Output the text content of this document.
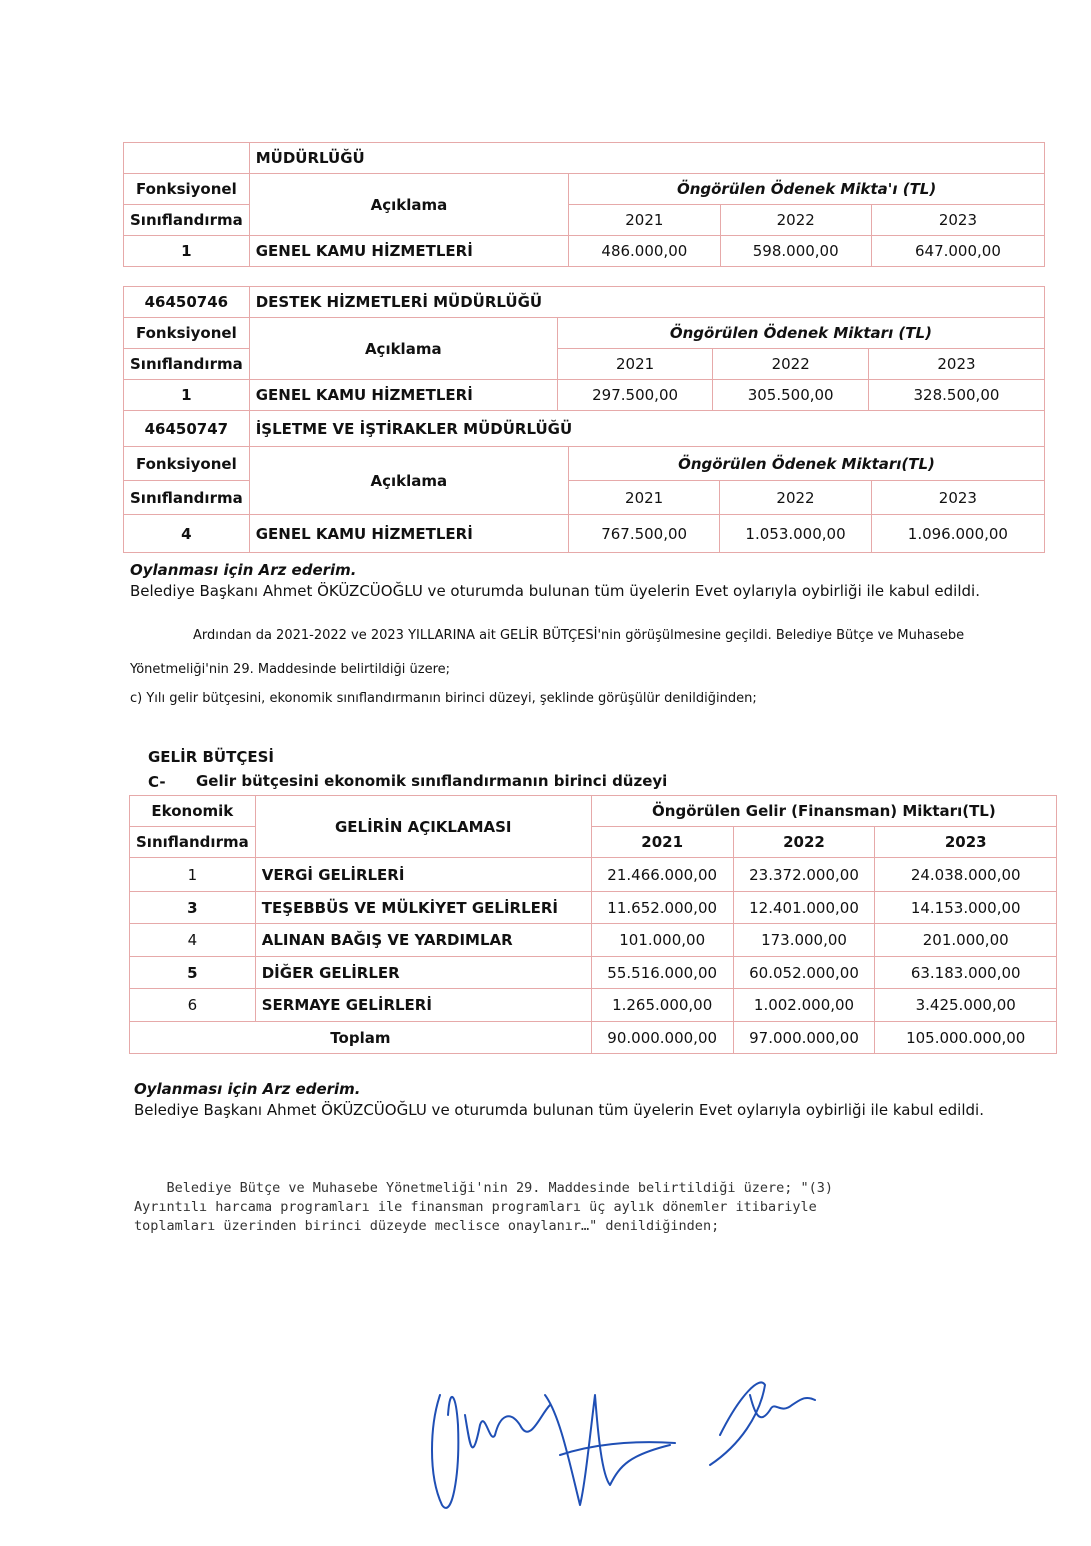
	MÜDÜRLÜĞÜ			
Fonksiyonel	Açıklama	Öngörülen Ödenek Mikta'ı (TL)		
Sınıflandırma		2021	2022	2023
1	GENEL KAMU HİZMETLERİ	486.000,00	598.000,00	647.000,00
46450746	DESTEK HİZMETLERİ MÜDÜRLÜĞÜ			
Fonksiyonel	Açıklama	Öngörülen Ödenek Miktarı (TL)		
Sınıflandırma		2021	2022	2023
1	GENEL KAMU HİZMETLERİ	297.500,00	305.500,00	328.500,00
46450747	İŞLETME VE İŞTİRAKLER MÜDÜRLÜĞÜ			
Fonksiyonel	Açıklama	Öngörülen Ödenek Miktarı(TL)		
Sınıflandırma		2021	2022	2023
4	GENEL KAMU HİZMETLERİ	767.500,00	1.053.000,00	1.096.000,00
Oylanması için Arz ederim.
Belediye Başkanı Ahmet ÖKÜZCÜOĞLU ve oturumda bulunan tüm üyelerin Evet oylarıyla oybirliği ile kabul edildi.
Ardından da 2021-2022 ve 2023 YILLARINA ait GELİR BÜTÇESİ'nin görüşülmesine geçildi. Belediye Bütçe ve Muhasebe
Yönetmeliği'nin 29. Maddesinde belirtildiği üzere;
c) Yılı gelir bütçesini, ekonomik sınıflandırmanın birinci düzeyi, şeklinde görüşülür denildiğinden;
GELİR BÜTÇESİ
C- Gelir bütçesini ekonomik sınıflandırmanın birinci düzeyi
Ekonomik	GELİRİN AÇIKLAMASI	Öngörülen Gelir (Finansman) Miktarı(TL)		
Sınıflandırma		2021	2022	2023
1	VERGİ GELİRLERİ	21.466.000,00	23.372.000,00	24.038.000,00
3	TEŞEBBÜS VE MÜLKİYET GELİRLERİ	11.652.000,00	12.401.000,00	14.153.000,00
4	ALINAN BAĞIŞ VE YARDIMLAR	101.000,00	173.000,00	201.000,00
5	DİĞER GELİRLER	55.516.000,00	60.052.000,00	63.183.000,00
6	SERMAYE GELİRLERİ	1.265.000,00	1.002.000,00	3.425.000,00
Toplam		90.000.000,00	97.000.000,00	105.000.000,00
Oylanması için Arz ederim.
Belediye Başkanı Ahmet ÖKÜZCÜOĞLU ve oturumda bulunan tüm üyelerin Evet oylarıyla oybirliği ile kabul edildi.
Belediye Bütçe ve Muhasebe Yönetmeliği'nin 29. Maddesinde belirtildiği üzere; "(3)
Ayrıntılı harcama programları ile finansman programları üç aylık dönemler itibariyle
toplamları üzerinden birinci düzeyde meclisce onaylanır…" denildiğinden;
